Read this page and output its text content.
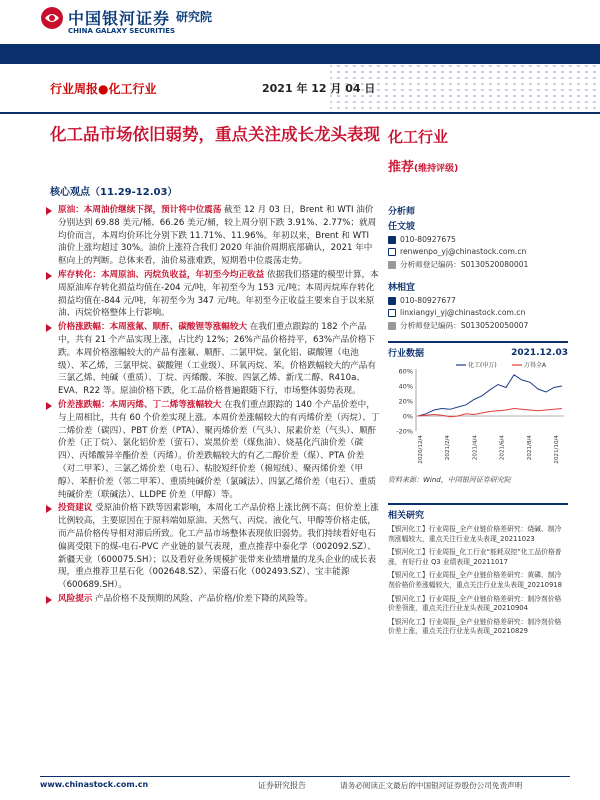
中国银河证券
CHINA GALAXY SECURITIES
研究院
行业周报●化工行业	2021 年 12 月 04 日
化工品市场依旧弱势，重点关注成长龙头表现 化工行业
推荐(维持评级)
核心观点（11.29-12.03）
原油：本周油价继续下探，预计将中位震荡 截至 12 月 03 日，Brent 和 WTI 油价分别达到 69.88 美元/桶、66.26 美元/桶，较上周分别下跌 3.91%、2.77%；就周均价而言，本周均价环比分别下跌 11.71%、11.96%。年初以来，Brent 和 WTI 油价上涨均超过 30%。油价上涨符合我们 2020 年油价周期底部确认，2021 年中枢向上的判断。总体来看，油价易涨难跌，短期看中位震荡走势。
库存转化：本周原油、丙烷负收益，年初至今均正收益 依据我们搭建的模型计算，本周原油库存转化损益均值在-204 元/吨，年初至今为 153 元/吨；本周丙烷库存转化损益均值在-844 元/吨，年初至今为 347 元/吨。年初至今正收益主要来自于以来原油、丙烷价格整体上行影响。
价格涨跌幅：本周涨氟、顺酐、碳酸锂等涨幅较大 在我们重点跟踪的 182 个产品中，共有 21 个产品实现上涨，占比约 12%；26%产品价格持平，63%产品价格下跌。本周价格涨幅较大的产品有涨氟、顺酐、二氯甲烷、氯化铝、碳酸锂（电池级）、苯乙烯，三氯甲烷、碳酸锂（工业级）、环氧丙烷、苯。价格跌幅较大的产品有三氯乙烯、纯碱（重质）、丁烷、丙烯酸、苯胺、四氯乙烯、新戊二醇、R410a、EVA、R22 等。原油价格下跌，化工品价格普遍跟随下行，市场整体弱势表现。
价差涨跌幅：本周丙烯、丁二烯等涨幅较大 在我们重点跟踪的 140 个产品价差中，与上周相比，共有 60 个价差实现上涨。本周价差涨幅较大的有丙烯价差（丙烷）、丁二烯价差（碳四）、PBT 价差（PTA）、聚丙烯价差（气头）、尿素价差（气头）、顺酐价差（正丁烷）、氯化铝价差（萤石）、炭黑价差（煤焦油）、烧基化汽油价差（碳四）、丙烯酸异辛酯价差（丙烯）。价差跌幅较大的有乙二醇价差（煤）、PTA 价差（对二甲苯）、三氯乙烯价差（电石）、粘胶短纤价差（棉短绒）、聚丙烯价差（甲醇）、苯酐价差（邻二甲苯）、重质纯碱价差（氯碱法）、四氯乙烯价差（电石）、重质纯碱价差（联碱法）、LLDPE 价差（甲醇）等。
投资建议 受原油价格下跌等因素影响，本周化工产品价格上涨比例不高；但价差上涨比例较高，主要原因在于原料端如原油、天然气、丙烷、液化气、甲醇等价格走低，而产品价格传导相对滞后所致。化工产品市场整体表现依旧弱势。我们持续看好电石偏离受限下的煤-电石-PVC 产业链的景气表现，重点推荐中泰化学（002092.SZ）、新疆天业（600075.SH）；以及看好业务规模扩张带来业绩增量的龙头企业的成长表现，重点推荐卫星石化（002648.SZ）、荣盛石化（002493.SZ）、宝丰能源（600689.SH）。
风险提示 产品价格不及预期的风险、产品价格/价差下降的风险等。
分析师
任文坡
010-80927675
renwenpo_yj@chinastock.com.cn
分析师登记编码：S0130520080001
林相宜
010-80927677
linxiangyi_yj@chinastock.com.cn
分析师登记编码：S0130520050007
行业数据	2021.12.03
60%
40%
20%
0%
-20%
化工(申万)	万得全A
2020/12/4	2021/2/4	2021/4/4	2021/6/4	2021/8/4	2021/10/4
资料来源：Wind，中国银河证券研究院
相关研究
【银河化工】行业周报_全产业链价格差研究：烧碱、制冷剂涨幅较大，重点关注行业龙头表现_20211023
【银河化工】行业周报_化工行业“能耗双控”化工品价格普涨，有好行业 Q3 业绩表现_20211017
【银河化工】行业周报_全产业链价格差研究：黄磷、制冷剂价格价差涨幅较大，重点关注行业龙头表现_20210918
【银河化工】行业周报_全产业链价格差研究：制冷剂价格价差领涨，重点关注行业龙头表现_20210904
【银河化工】行业周报_全产业链价格差研究：制冷剂价格价差上涨，重点关注行业龙头表现_20210829
www.chinastock.com.cn	证券研究报告	请务必阅读正文最后的中国银河证券股份公司免责声明
